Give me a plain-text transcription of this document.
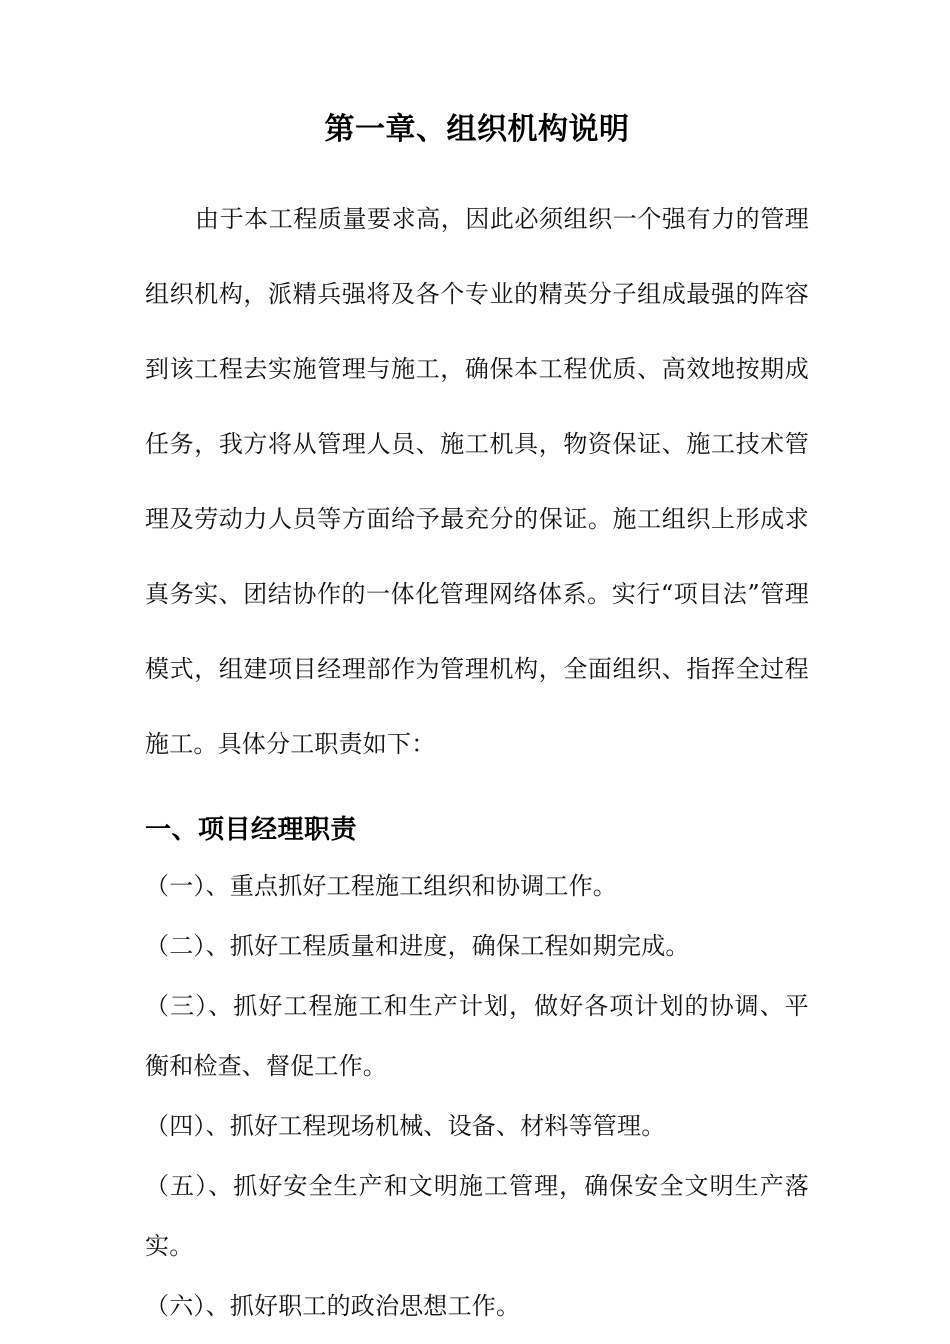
第一章、组织机构说明

由于本工程质量要求高，因此必须组织一个强有力的管理组织机构，派精兵强将及各个专业的精英分子组成最强的阵容到该工程去实施管理与施工，确保本工程优质、高效地按期成任务，我方将从管理人员、施工机具，物资保证、施工技术管理及劳动力人员等方面给予最充分的保证。施工组织上形成求真务实、团结协作的一体化管理网络体系。实行“项目法”管理模式，组建项目经理部作为管理机构，全面组织、指挥全过程施工。具体分工职责如下：

一、项目经理职责
（一）、重点抓好工程施工组织和协调工作。
（二）、抓好工程质量和进度，确保工程如期完成。
（三）、抓好工程施工和生产计划，做好各项计划的协调、平衡和检查、督促工作。
（四）、抓好工程现场机械、设备、材料等管理。
（五）、抓好安全生产和文明施工管理，确保安全文明生产落实。
（六）、抓好职工的政治思想工作。
